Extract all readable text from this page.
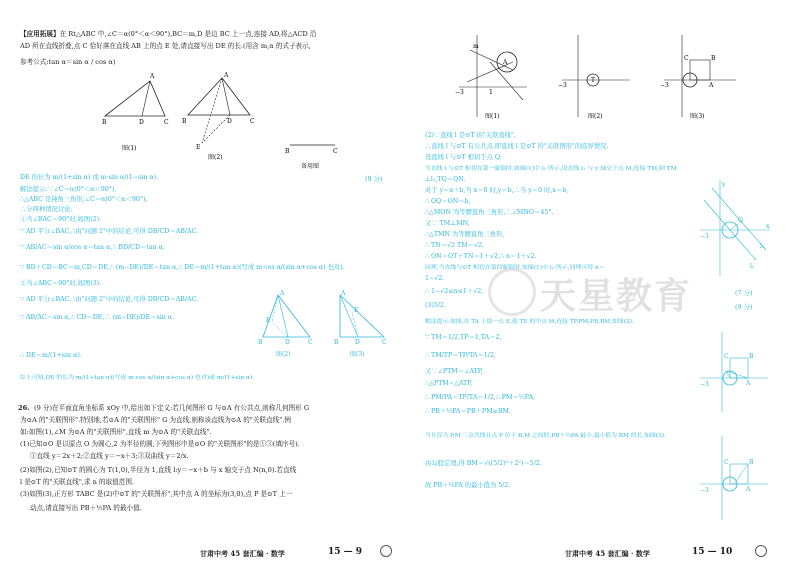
【应用拓展】在 Rt△ABC 中,∠C＝α(0°＜α＜90°),BC＝m,D 是边 BC 上一点,连接 AD,将△ACD 沿
AD 所在直线折叠,点 C 恰好落在直线 AB 上的点 E 处,请直接写出 DE 的长.(用含 m,α 的式子表示,
参考公式:tan α＝sin α / cos α)
A
B	D	C
图(1)
A
B	D	C
E
图(2)
B	C
备用图
DE 的长为 m/(1+sin α) 或 m·sin α/(1−sin α).	(9 分)
解法提示:∵∠C＝α(0°＜α＜90°),
∴△ABC 是钝角三角形,∠C＝α(0°＜α＜90°),
∴分两种情况讨论.
①当∠BAC＝90°时,如图(2).
∵ AD 平分∠BAC,∴由"问题 2"中的结论,可得 DB/CD＝AB/AC.
∵ AB/AC＝sin α/cos α＝tan α,∴ BD/CD＝tan α,
∵ BD＋CD＝BC＝m,CD＝DE,∴ (m−DE)/DE＝tan α,∴ DE＝m/(1+tan α)(写成 m·cos α/(sin α+cos α) 也对).
②当∠ABC＝90°时,如图(3).
∵ AD 平分∠BAC,∴由"问题 2"中的结论,可得 DB/CD＝AB/AC.
∵ AB/AC＝sin α,∴ CD＝DE,∴ (m−DE)/DE＝sin α.
∴ DE＝m/(1+sin α).
综上可知,DE 的长为 m/(1+tan α)(写成 m·cos α/(sin α+cos α) 也对)或 m/(1+sin α).
A
B	D	C
E
图(2)
A
B	D	C
E
图(3)
26. (9 分)在平面直角坐标系 xOy 中,给出如下定义:若几何图形 G 与⊙A 有公共点,则称几何图形 G
为⊙A 的"关联图形".特别地,若⊙A 的"关联图形" G 为直线,则称该直线为⊙A 的"关联直线".例
如:如图(1),∠M 为⊙A 的"关联图形",直线 m 为⊙A 的"关联直线".
(1)已知⊙O 是以原点 O 为圆心,2 为半径的圆,下列图形中是⊙O 的"关联图形"的是①③(填序号).
①直线 y＝2x＋2;②直线 y＝−x＋3;③双曲线 y＝2/x.
(2)如图(2),已知⊙T 的圆心为 T(1,0),半径为 1,直线 l:y＝−x＋b 与 x 轴交于点 N(n,0).若直线
l 是⊙T 的"关联直线",求 n 的取值范围.
(3)如图(3),正方形 TABC 是(2)中⊙T 的"关联图形",其中点 A 的坐标为(3,0),点 P 是⊙T 上一
动点,请直接写出 PB＋½PA 的最小值.
甘肃中考 45 套汇编 · 数学	15 — 9
A
m
−3	1
图(1)
T
−3
图(2)
B
C
A
−3
图(3)
(2)∵直线 l 是⊙T 的"关联直线",
∴直线 l 与⊙T 有公共点.即直线 l 是⊙T 的"关联图形"的临界情况.
设直线 l 与⊙T 相切于点 Q.
当直线 l 与⊙T 相切在第一象限时,如图(1)中 l₁ 所示,设直线 l₁ 与 y 轴交于点 M,连接 TM,则 TM
⊥l₁,TQ＝QN.
对于 y＝x＋b,当 x＝0 时,y＝b,∴当 y＝0 时,x＝b,
∴ OQ＝ON＝b,
∴△MON 为等腰直角三角形,∴∠MNO＝45°.
又∵ TM⊥MN,
∴△TMN 为等腰直角三角形,
∴ TN＝√2 TM＝√2,
∴ ON＝OT＋TN＝1＋√2,∴ n＝1＋√2.
同理,当直线与⊙T 相切在第四象限时,如图(1)中 l₂ 所示,同理可得 n＝
1−√2.
∴ 1−√2≤n≤1＋√2.	(7 分)
(3)5/2.	(9 分)
解法提示:如图,在 TA 上取一点 E,使 TE 的中点 M,连接 TP,PM,PB,BM,如图(2).
∵ TM＝1/2,TP＝1,TA＝2,
∴ TM/TP＝TP/TA＝1/2,
又∵∠PTM＝∠ATP,
∴△PTM∽△ATP,
∴ PM/PA＝TP/TA＝1/2,∴ PM＝½PA,
∴ PB＋½PA＝PB＋PM≥BM.
当且仅当 P,M 三点共线且点 P 位于 B,M 之间时,PB＋½PA 最小,最小值为 BM 的长,如图(3).
由勾股定理,得 BM＝√((5/2)²＋2²)＝5/2.
故 PB＋½PA 的最小值为 5/2.
天星教育
y
x
Q
l₁
l₂
−3
B
C
A
−3
B
C
A
−3
甘肃中考 45 套汇编 · 数学	15 — 10
